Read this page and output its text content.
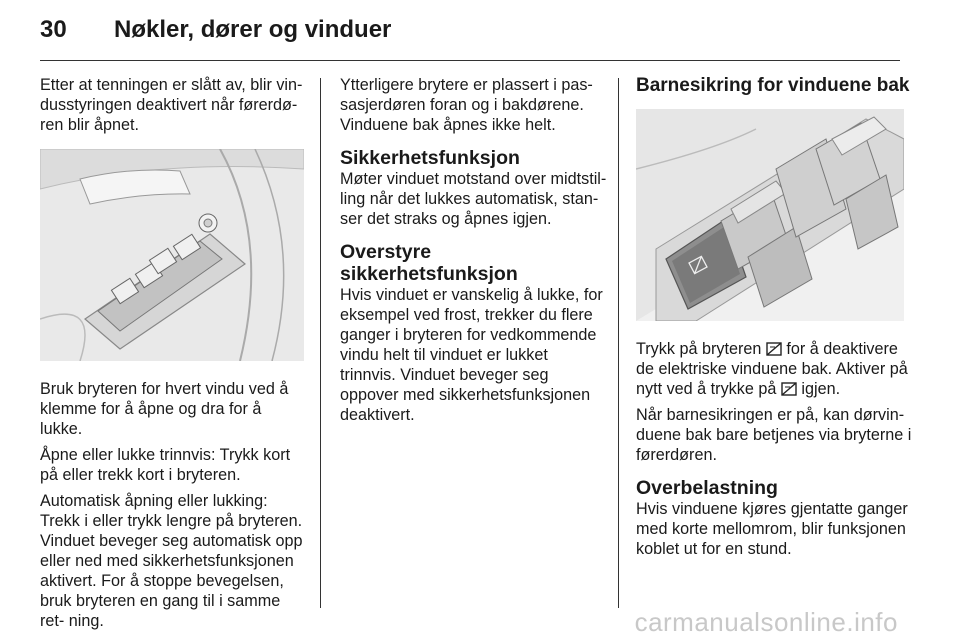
30 Nøkler, dører og vinduer

Etter at tenningen er slått av, blir vin- dusstyringen deaktivert når førerdø- ren blir åpnet.

Bruk bryteren for hvert vindu ved å klemme for å åpne og dra for å lukke.

Åpne eller lukke trinnvis: Trykk kort på eller trekk kort i bryteren.

Automatisk åpning eller lukking: Trekk i eller trykk lengre på bryteren. Vinduet beveger seg automatisk opp eller ned med sikkerhetsfunksjonen aktivert. For å stoppe bevegelsen, bruk bryteren en gang til i samme ret- ning.

Ytterligere brytere er plassert i pas- sasjerdøren foran og i bakdørene. Vinduene bak åpnes ikke helt.

Sikkerhetsfunksjon

Møter vinduet motstand over midtstil- ling når det lukkes automatisk, stan- ser det straks og åpnes igjen.

Overstyre sikkerhetsfunksjon

Hvis vinduet er vanskelig å lukke, for eksempel ved frost, trekker du flere ganger i bryteren for vedkommende vindu helt til vinduet er lukket trinnvis. Vinduet beveger seg oppover med sikkerhetsfunksjonen deaktivert.

Barnesikring for vinduene bak

Trykk på bryteren for å deaktivere de elektriske vinduene bak. Aktiver på nytt ved å trykke på igjen.

Når barnesikringen er på, kan dørvin- duene bak bare betjenes via bryterne i førerdøren.

Overbelastning

Hvis vinduene kjøres gjentatte ganger med korte mellomrom, blir funksjonen koblet ut for en stund.

carmanualsonline.info
